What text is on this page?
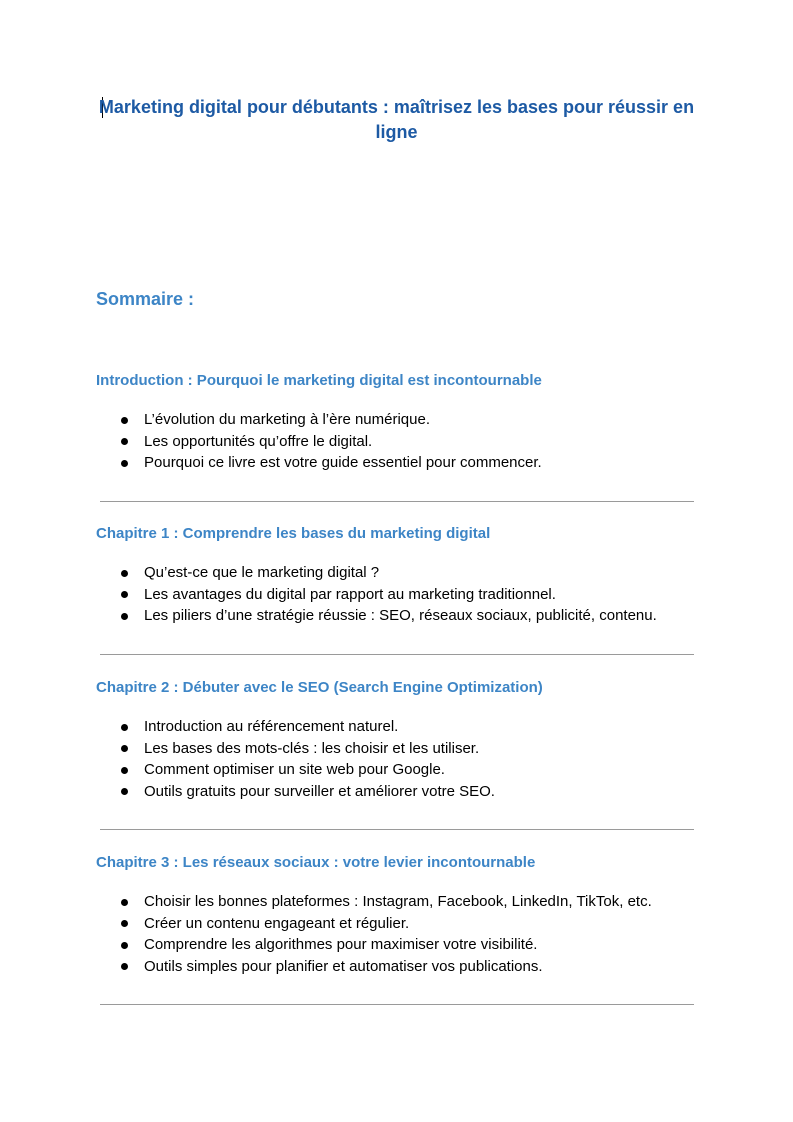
Marketing digital pour débutants : maîtrisez les bases pour réussir en ligne
Sommaire :
Introduction : Pourquoi le marketing digital est incontournable
L’évolution du marketing à l’ère numérique.
Les opportunités qu’offre le digital.
Pourquoi ce livre est votre guide essentiel pour commencer.
Chapitre 1 : Comprendre les bases du marketing digital
Qu’est-ce que le marketing digital ?
Les avantages du digital par rapport au marketing traditionnel.
Les piliers d’une stratégie réussie : SEO, réseaux sociaux, publicité, contenu.
Chapitre 2 : Débuter avec le SEO (Search Engine Optimization)
Introduction au référencement naturel.
Les bases des mots-clés : les choisir et les utiliser.
Comment optimiser un site web pour Google.
Outils gratuits pour surveiller et améliorer votre SEO.
Chapitre 3 : Les réseaux sociaux : votre levier incontournable
Choisir les bonnes plateformes : Instagram, Facebook, LinkedIn, TikTok, etc.
Créer un contenu engageant et régulier.
Comprendre les algorithmes pour maximiser votre visibilité.
Outils simples pour planifier et automatiser vos publications.
